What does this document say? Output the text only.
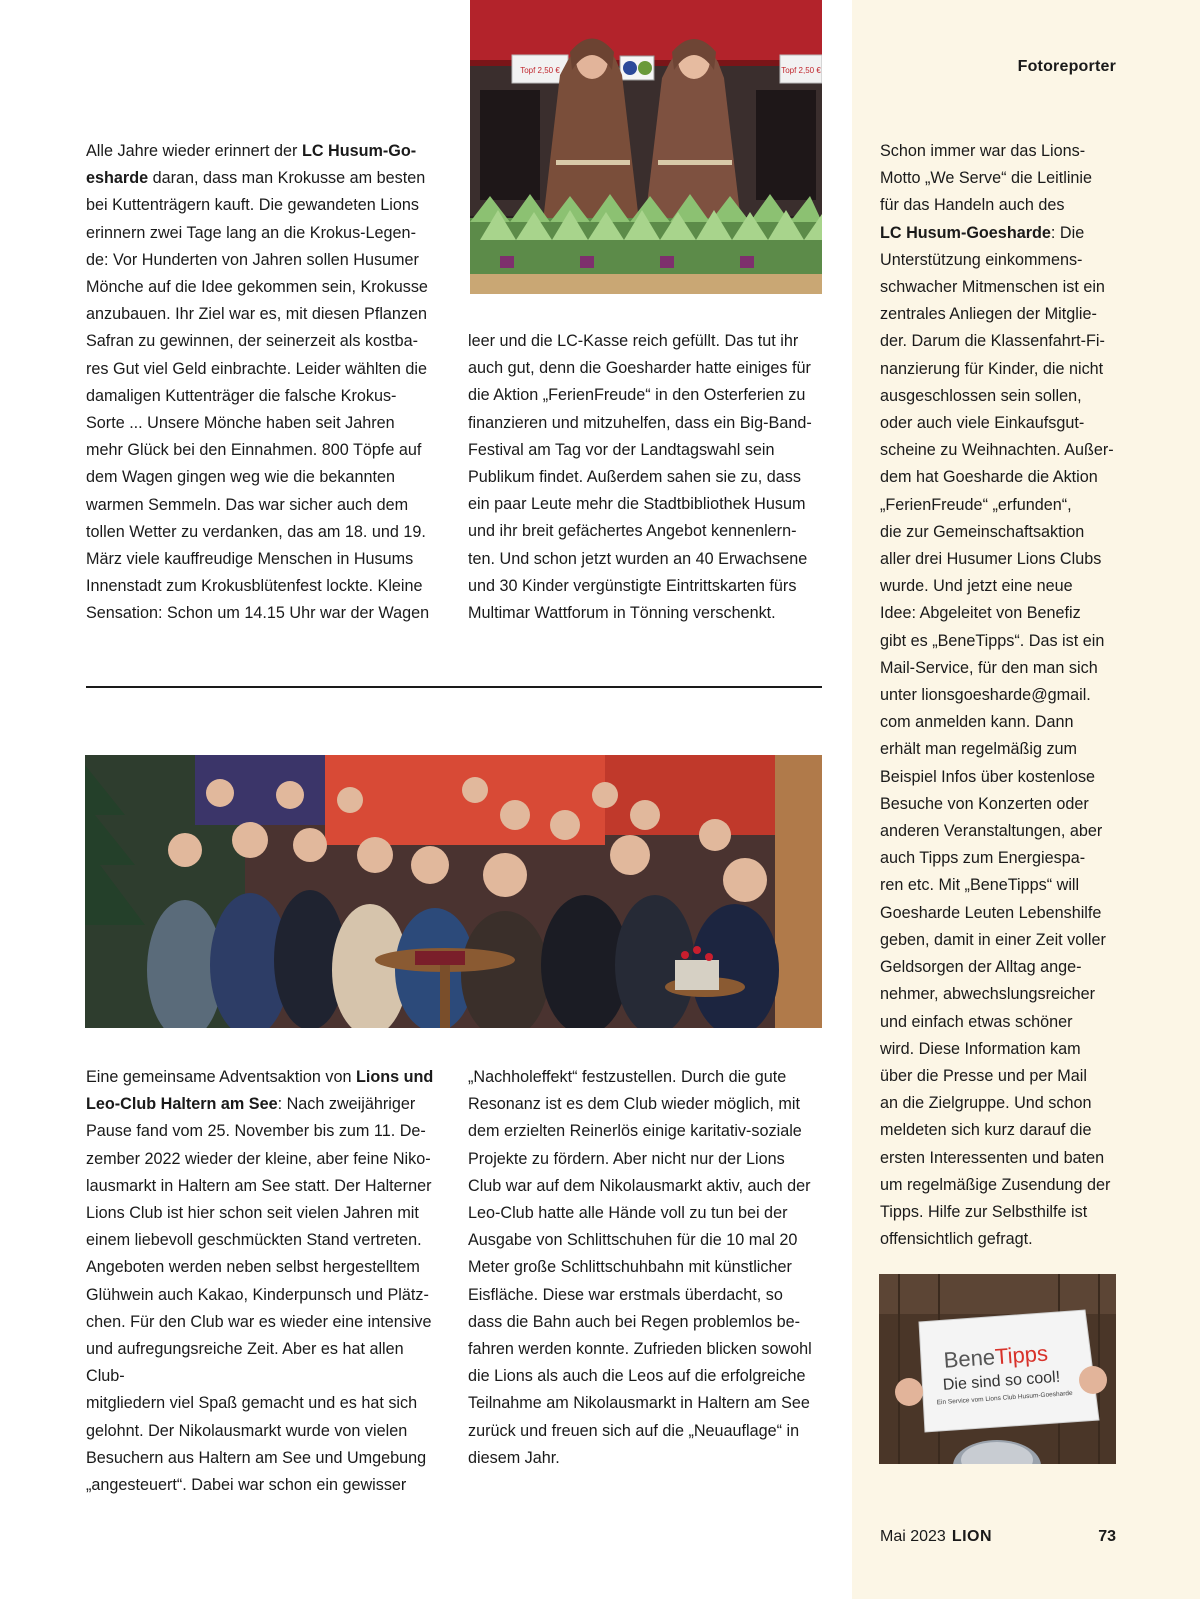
Fotoreporter
Topf 2,50 €	Topf 2,50 €

Alle Jahre wieder erinnert der LC Husum-Go-
esharde daran, dass man Krokusse am besten
bei Kuttenträgern kauft. Die gewandeten Lions
erinnern zwei Tage lang an die Krokus-Legen-
de: Vor Hunderten von Jahren sollen Husumer
Mönche auf die Idee gekommen sein, Krokusse
anzubauen. Ihr Ziel war es, mit diesen Pflanzen
Safran zu gewinnen, der seinerzeit als kostba-
res Gut viel Geld einbrachte. Leider wählten die
damaligen Kuttenträger die falsche Krokus-
Sorte ... Unsere Mönche haben seit Jahren
mehr Glück bei den Einnahmen. 800 Töpfe auf
dem Wagen gingen weg wie die bekannten
warmen Semmeln. Das war sicher auch dem
tollen Wetter zu verdanken, das am 18. und 19.
März viele kauffreudige Menschen in Husums
Innenstadt zum Krokusblütenfest lockte. Kleine
Sensation: Schon um 14.15 Uhr war der Wagen

leer und die LC-Kasse reich gefüllt. Das tut ihr
auch gut, denn die Goesharder hatte einiges für
die Aktion „FerienFreude“ in den Osterferien zu
finanzieren und mitzuhelfen, dass ein Big-Band-
Festival am Tag vor der Landtagswahl sein
Publikum findet. Außerdem sahen sie zu, dass
ein paar Leute mehr die Stadtbibliothek Husum
und ihr breit gefächertes Angebot kennenlern-
ten. Und schon jetzt wurden an 40 Erwachsene
und 30 Kinder vergünstigte Eintrittskarten fürs
Multimar Wattforum in Tönning verschenkt.

Eine gemeinsame Adventsaktion von Lions und
Leo-Club Haltern am See: Nach zweijähriger
Pause fand vom 25. November bis zum 11. De-
zember 2022 wieder der kleine, aber feine Niko-
lausmarkt in Haltern am See statt. Der Halterner
Lions Club ist hier schon seit vielen Jahren mit
einem liebevoll geschmückten Stand vertreten.
Angeboten werden neben selbst hergestelltem
Glühwein auch Kakao, Kinderpunsch und Plätz-
chen. Für den Club war es wieder eine intensive
und aufregungsreiche Zeit. Aber es hat allen Club-
mitgliedern viel Spaß gemacht und es hat sich
gelohnt. Der Nikolausmarkt wurde von vielen
Besuchern aus Haltern am See und Umgebung
„angesteuert“. Dabei war schon ein gewisser

„Nachholeffekt“ festzustellen. Durch die gute
Resonanz ist es dem Club wieder möglich, mit
dem erzielten Reinerlös einige karitativ-soziale
Projekte zu fördern. Aber nicht nur der Lions
Club war auf dem Nikolausmarkt aktiv, auch der
Leo-Club hatte alle Hände voll zu tun bei der
Ausgabe von Schlittschuhen für die 10 mal 20
Meter große Schlittschuhbahn mit künstlicher
Eisfläche. Diese war erstmals überdacht, so
dass die Bahn auch bei Regen problemlos be-
fahren werden konnte. Zufrieden blicken sowohl
die Lions als auch die Leos auf die erfolgreiche
Teilnahme am Nikolausmarkt in Haltern am See
zurück und freuen sich auf die „Neuauflage“ in
diesem Jahr.

Schon immer war das Lions-
Motto „We Serve“ die Leitlinie
für das Handeln auch des
LC Husum-Goesharde: Die
Unterstützung einkommens-
schwacher Mitmenschen ist ein
zentrales Anliegen der Mitglie-
der. Darum die Klassenfahrt-Fi-
nanzierung für Kinder, die nicht
ausgeschlossen sein sollen,
oder auch viele Einkaufsgut-
scheine zu Weihnachten. Außer-
dem hat Goesharde die Aktion
„FerienFreude“ „erfunden“,
die zur Gemeinschaftsaktion
aller drei Husumer Lions Clubs
wurde. Und jetzt eine neue
Idee: Abgeleitet von Benefiz
gibt es „BeneTipps“. Das ist ein
Mail-Service, für den man sich
unter lionsgoesharde@gmail.
com anmelden kann. Dann
erhält man regelmäßig zum
Beispiel Infos über kostenlose
Besuche von Konzerten oder
anderen Veranstaltungen, aber
auch Tipps zum Energiespa-
ren etc. Mit „BeneTipps“ will
Goesharde Leuten Lebenshilfe
geben, damit in einer Zeit voller
Geldsorgen der Alltag ange-
nehmer, abwechslungsreicher
und einfach etwas schöner
wird. Diese Information kam
über die Presse und per Mail
an die Zielgruppe. Und schon
meldeten sich kurz darauf die
ersten Interessenten und baten
um regelmäßige Zusendung der
Tipps. Hilfe zur Selbsthilfe ist
offensichtlich gefragt.

BeneTipps
Die sind so cool!
Ein Service vom Lions Club Husum-Goesharde
Mai 2023 LION	73
